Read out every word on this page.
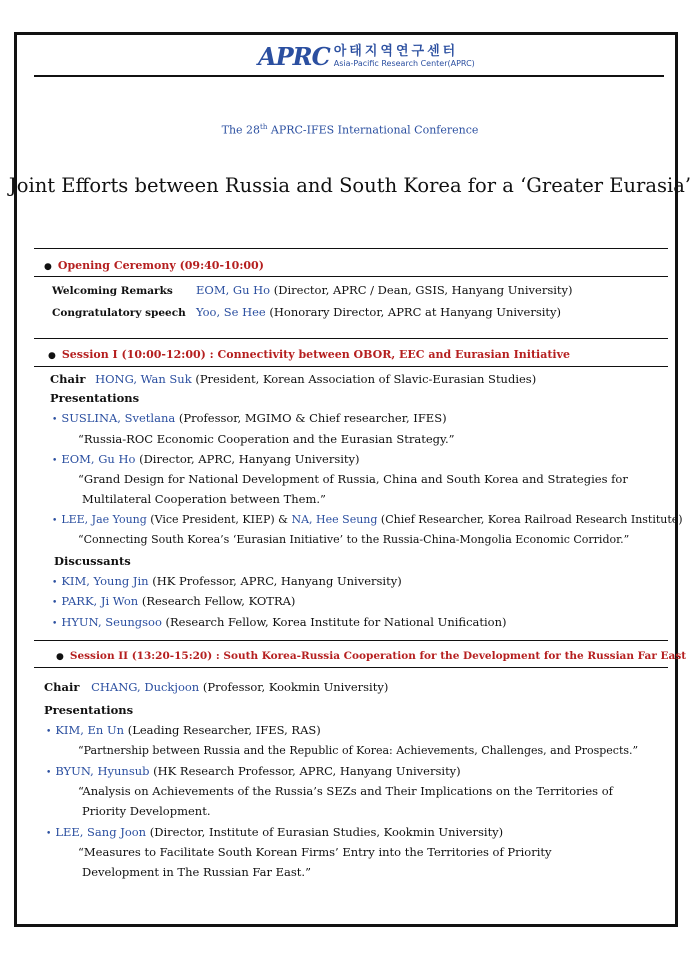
APRC 아태지역연구센터
Asia-Pacific Research Center(APRC)
The 28th APRC-IFES International Conference
Joint Efforts between Russia and South Korea for a ‘Greater Eurasia’
● Opening Ceremony (09:40-10:00)
Welcoming Remarks EOM, Gu Ho (Director, APRC / Dean, GSIS, Hanyang University)
Congratulatory speech Yoo, Se Hee (Honorary Director, APRC at Hanyang University)
● Session I (10:00-12:00) : Connectivity between OBOR, EEC and Eurasian Initiative
Chair HONG, Wan Suk (President, Korean Association of Slavic-Eurasian Studies)
Presentations
• SUSLINA, Svetlana (Professor, MGIMO & Chief researcher, IFES)
“Russia-ROC Economic Cooperation and the Eurasian Strategy.”
• EOM, Gu Ho (Director, APRC, Hanyang University)
“Grand Design for National Development of Russia, China and South Korea and Strategies for
Multilateral Cooperation between Them.”
• LEE, Jae Young (Vice President, KIEP) & NA, Hee Seung (Chief Researcher, Korea Railroad Research Institute)
“Connecting South Korea’s ‘Eurasian Initiative’ to the Russia-China-Mongolia Economic Corridor.”
Discussants
• KIM, Young Jin (HK Professor, APRC, Hanyang University)
• PARK, Ji Won (Research Fellow, KOTRA)
• HYUN, Seungsoo (Research Fellow, Korea Institute for National Unification)
● Session II (13:20-15:20) : South Korea-Russia Cooperation for the Development for the Russian Far East
Chair CHANG, Duckjoon (Professor, Kookmin University)
Presentations
• KIM, En Un (Leading Researcher, IFES, RAS)
“Partnership between Russia and the Republic of Korea: Achievements, Challenges, and Prospects.”
• BYUN, Hyunsub (HK Research Professor, APRC, Hanyang University)
“Analysis on Achievements of the Russia’s SEZs and Their Implications on the Territories of
Priority Development.
• LEE, Sang Joon (Director, Institute of Eurasian Studies, Kookmin University)
“Measures to Facilitate South Korean Firms’ Entry into the Territories of Priority
Development in The Russian Far East.”
